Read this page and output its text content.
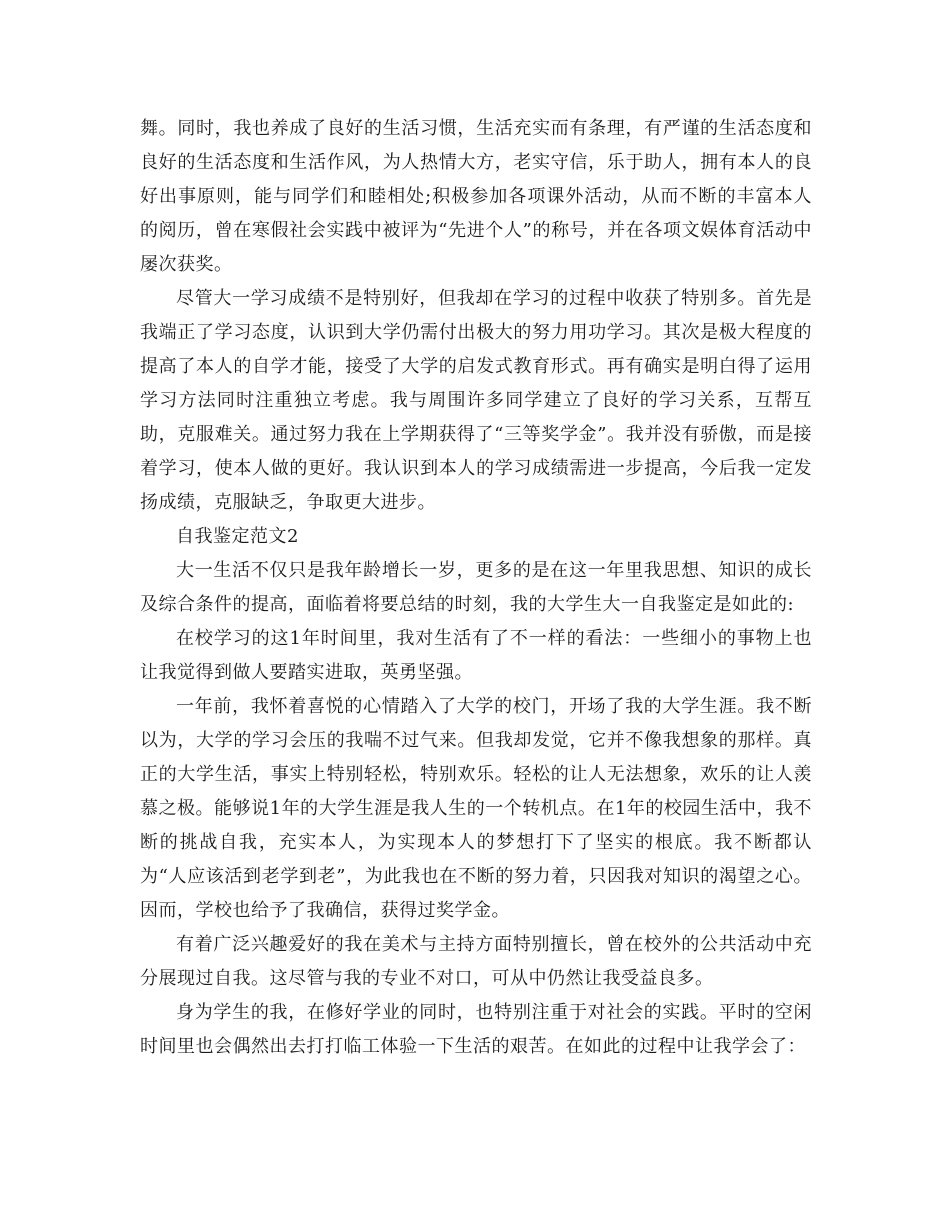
舞。同时，我也养成了良好的生活习惯，生活充实而有条理，有严谨的生活态度和良好的生活态度和生活作风，为人热情大方，老实守信，乐于助人，拥有本人的良好出事原则，能与同学们和睦相处;积极参加各项课外活动，从而不断的丰富本人的阅历，曾在寒假社会实践中被评为“先进个人”的称号，并在各项文娱体育活动中屡次获奖。

尽管大一学习成绩不是特别好，但我却在学习的过程中收获了特别多。首先是我端正了学习态度，认识到大学仍需付出极大的努力用功学习。其次是极大程度的提高了本人的自学才能，接受了大学的启发式教育形式。再有确实是明白得了运用学习方法同时注重独立考虑。我与周围许多同学建立了良好的学习关系，互帮互助，克服难关。通过努力我在上学期获得了“三等奖学金”。我并没有骄傲，而是接着学习，使本人做的更好。我认识到本人的学习成绩需进一步提高，今后我一定发扬成绩，克服缺乏，争取更大进步。

自我鉴定范文2

大一生活不仅只是我年龄增长一岁，更多的是在这一年里我思想、知识的成长及综合条件的提高，面临着将要总结的时刻，我的大学生大一自我鉴定是如此的:

在校学习的这1年时间里，我对生活有了不一样的看法：一些细小的事物上也让我觉得到做人要踏实进取，英勇坚强。

一年前，我怀着喜悦的心情踏入了大学的校门，开场了我的大学生涯。我不断以为，大学的学习会压的我喘不过气来。但我却发觉，它并不像我想象的那样。真正的大学生活，事实上特别轻松，特别欢乐。轻松的让人无法想象，欢乐的让人羡慕之极。能够说1年的大学生涯是我人生的一个转机点。在1年的校园生活中，我不断的挑战自我，充实本人，为实现本人的梦想打下了坚实的根底。我不断都认为“人应该活到老学到老”，为此我也在不断的努力着，只因我对知识的渴望之心。因而，学校也给予了我确信，获得过奖学金。

有着广泛兴趣爱好的我在美术与主持方面特别擅长，曾在校外的公共活动中充分展现过自我。这尽管与我的专业不对口，可从中仍然让我受益良多。

身为学生的我，在修好学业的同时，也特别注重于对社会的实践。平时的空闲时间里也会偶然出去打打临工体验一下生活的艰苦。在如此的过程中让我学会了：
